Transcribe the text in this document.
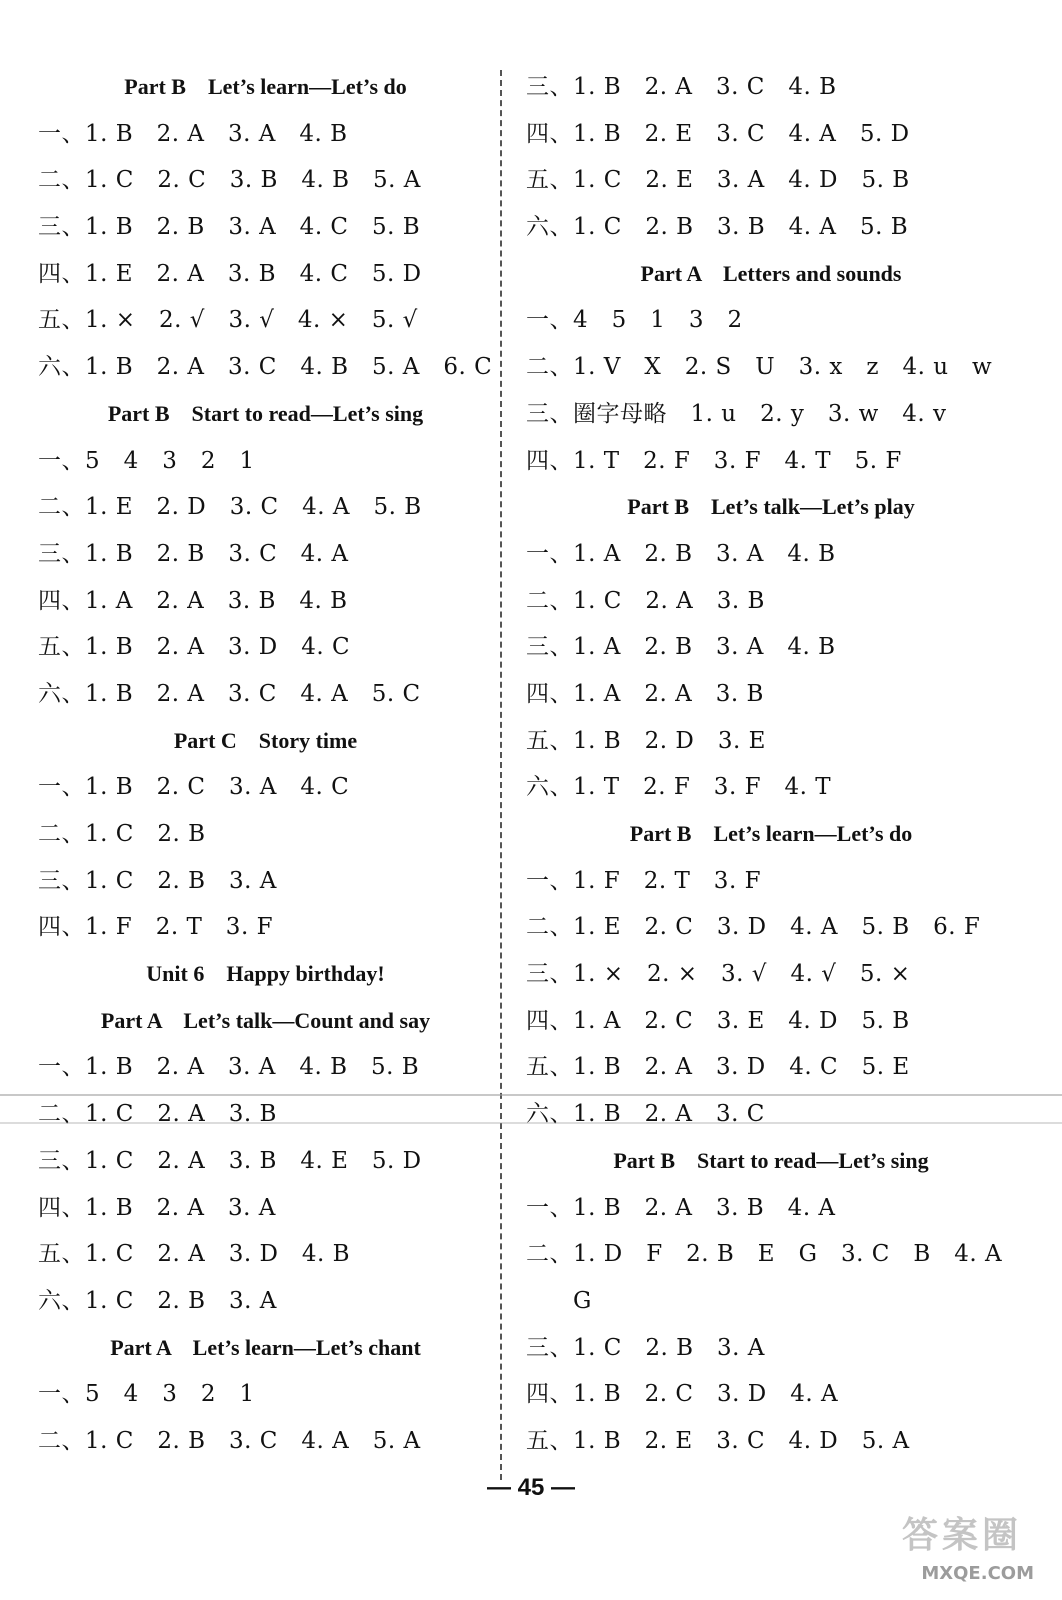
Part B　Let’s learn—Let’s do
一、1. B　2. A　3. A　4. B
二、1. C　2. C　3. B　4. B　5. A
三、1. B　2. B　3. A　4. C　5. B
四、1. E　2. A　3. B　4. C　5. D
五、1. ×　2. √　3. √　4. ×　5. √
六、1. B　2. A　3. C　4. B　5. A　6. C
Part B　Start to read—Let’s sing
一、5　4　3　2　1
二、1. E　2. D　3. C　4. A　5. B
三、1. B　2. B　3. C　4. A
四、1. A　2. A　3. B　4. B
五、1. B　2. A　3. D　4. C
六、1. B　2. A　3. C　4. A　5. C
Part C　Story time
一、1. B　2. C　3. A　4. C
二、1. C　2. B
三、1. C　2. B　3. A
四、1. F　2. T　3. F
Unit 6　Happy birthday!
Part A　Let’s talk—Count and say
一、1. B　2. A　3. A　4. B　5. B
二、1. C　2. A　3. B
三、1. C　2. A　3. B　4. E　5. D
四、1. B　2. A　3. A
五、1. C　2. A　3. D　4. B
六、1. C　2. B　3. A
Part A　Let’s learn—Let’s chant
一、5　4　3　2　1
二、1. C　2. B　3. C　4. A　5. A
三、1. B　2. A　3. C　4. B
四、1. B　2. E　3. C　4. A　5. D
五、1. C　2. E　3. A　4. D　5. B
六、1. C　2. B　3. B　4. A　5. B
Part A　Letters and sounds
一、4　5　1　3　2
二、1. V　X　2. S　U　3. x　z　4. u　w
三、圈字母略　1. u　2. y　3. w　4. v
四、1. T　2. F　3. F　4. T　5. F
Part B　Let’s talk—Let’s play
一、1. A　2. B　3. A　4. B
二、1. C　2. A　3. B
三、1. A　2. B　3. A　4. B
四、1. A　2. A　3. B
五、1. B　2. D　3. E
六、1. T　2. F　3. F　4. T
Part B　Let’s learn—Let’s do
一、1. F　2. T　3. F
二、1. E　2. C　3. D　4. A　5. B　6. F
三、1. ×　2. ×　3. √　4. √　5. ×
四、1. A　2. C　3. E　4. D　5. B
五、1. B　2. A　3. D　4. C　5. E
六、1. B　2. A　3. C
Part B　Start to read—Let’s sing
一、1. B　2. A　3. B　4. A
二、1. D　F　2. B　E　G　3. C　B　4. A
　　G
三、1. C　2. B　3. A
四、1. B　2. C　3. D　4. A
五、1. B　2. E　3. C　4. D　5. A
— 45 —
答案圈
MXQE.COM
